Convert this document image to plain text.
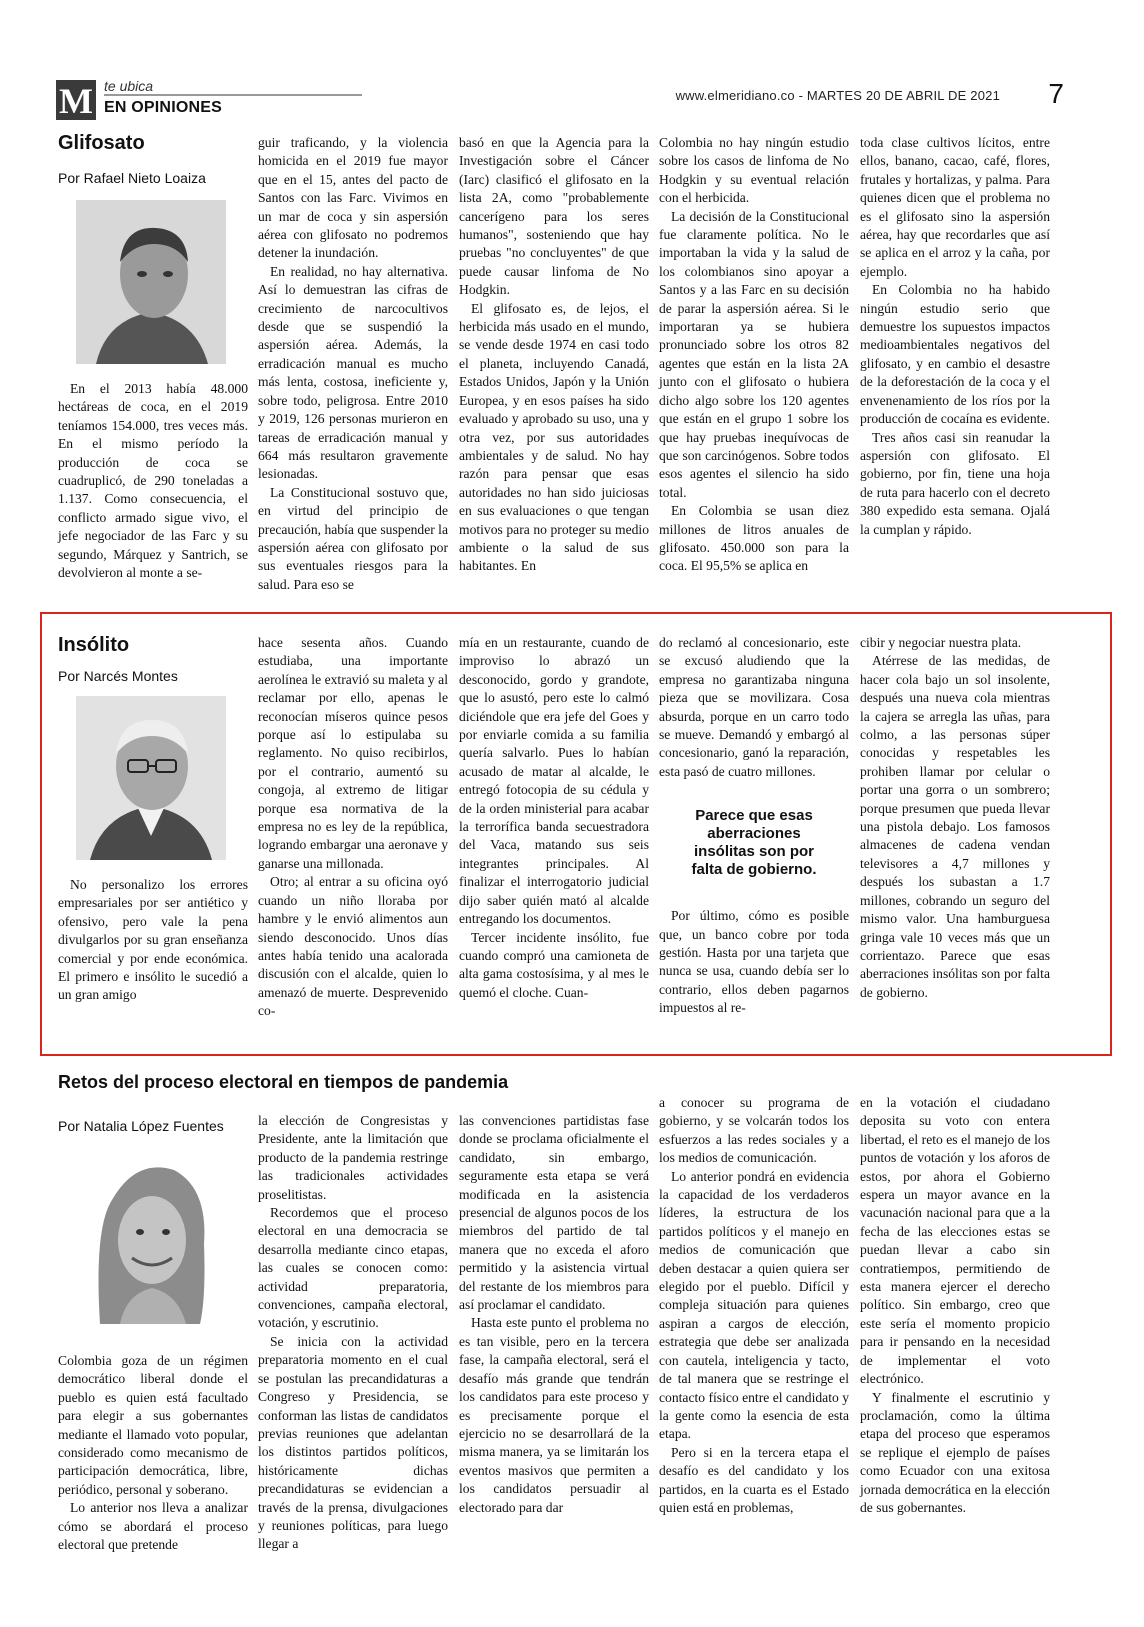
M te ubica
EN OPINIONES
www.elmeridiano.co - MARTES 20 DE ABRIL DE 2021 7
Glifosato
Por Rafael Nieto Loaiza

En el 2013 había 48.000 hectáreas de coca, en el 2019 teníamos 154.000, tres veces más. En el mismo período la producción de coca se cuadruplicó, de 290 toneladas a 1.137. Como consecuencia, el conflicto armado sigue vivo, el jefe negociador de las Farc y su segundo, Márquez y Santrich, se devolvieron al monte a se-

guir traficando, y la violencia homicida en el 2019 fue mayor que en el 15, antes del pacto de Santos con las Farc. Vivimos en un mar de coca y sin aspersión aérea con glifosato no podremos detener la inundación.

En realidad, no hay alternativa. Así lo demuestran las cifras de crecimiento de narcocultivos desde que se suspendió la aspersión aérea. Además, la erradicación manual es mucho más lenta, costosa, ineficiente y, sobre todo, peligrosa. Entre 2010 y 2019, 126 personas murieron en tareas de erradicación manual y 664 más resultaron gravemente lesionadas.

La Constitucional sostuvo que, en virtud del principio de precaución, había que suspender la aspersión aérea con glifosato por sus eventuales riesgos para la salud. Para eso se

basó en que la Agencia para la Investigación sobre el Cáncer (Iarc) clasificó el glifosato en la lista 2A, como "probablemente cancerígeno para los seres humanos", sosteniendo que hay pruebas "no concluyentes" de que puede causar linfoma de No Hodgkin.

El glifosato es, de lejos, el herbicida más usado en el mundo, se vende desde 1974 en casi todo el planeta, incluyendo Canadá, Estados Unidos, Japón y la Unión Europea, y en esos países ha sido evaluado y aprobado su uso, una y otra vez, por sus autoridades ambientales y de salud. No hay razón para pensar que esas autoridades no han sido juiciosas en sus evaluaciones o que tengan motivos para no proteger su medio ambiente o la salud de sus habitantes. En

Colombia no hay ningún estudio sobre los casos de linfoma de No Hodgkin y su eventual relación con el herbicida.

La decisión de la Constitucional fue claramente política. No le importaban la vida y la salud de los colombianos sino apoyar a Santos y a las Farc en su decisión de parar la aspersión aérea. Si le importaran ya se hubiera pronunciado sobre los otros 82 agentes que están en la lista 2A junto con el glifosato o hubiera dicho algo sobre los 120 agentes que están en el grupo 1 sobre los que hay pruebas inequívocas de que son carcinógenos. Sobre todos esos agentes el silencio ha sido total.

En Colombia se usan diez millones de litros anuales de glifosato. 450.000 son para la coca. El 95,5% se aplica en

toda clase cultivos lícitos, entre ellos, banano, cacao, café, flores, frutales y hortalizas, y palma. Para quienes dicen que el problema no es el glifosato sino la aspersión aérea, hay que recordarles que así se aplica en el arroz y la caña, por ejemplo.

En Colombia no ha habido ningún estudio serio que demuestre los supuestos impactos medioambientales negativos del glifosato, y en cambio el desastre de la deforestación de la coca y el envenenamiento de los ríos por la producción de cocaína es evidente.

Tres años casi sin reanudar la aspersión con glifosato. El gobierno, por fin, tiene una hoja de ruta para hacerlo con el decreto 380 expedido esta semana. Ojalá la cumplan y rápido.

Insólito
Por Narcés Montes

No personalizo los errores empresariales por ser antiético y ofensivo, pero vale la pena divulgarlos por su gran enseñanza comercial y por ende económica. El primero e insólito le sucedió a un gran amigo

hace sesenta años. Cuando estudiaba, una importante aerolínea le extravió su maleta y al reclamar por ello, apenas le reconocían míseros quince pesos porque así lo estipulaba su reglamento. No quiso recibirlos, por el contrario, aumentó su congoja, al extremo de litigar porque esa normativa de la empresa no es ley de la república, logrando embargar una aeronave y ganarse una millonada.

Otro; al entrar a su oficina oyó cuando un niño lloraba por hambre y le envió alimentos aun siendo desconocido. Unos días antes había tenido una acalorada discusión con el alcalde, quien lo amenazó de muerte. Desprevenido co-

mía en un restaurante, cuando de improviso lo abrazó un desconocido, gordo y grandote, que lo asustó, pero este lo calmó diciéndole que era jefe del Goes y por enviarle comida a su familia quería salvarlo. Pues lo habían acusado de matar al alcalde, le entregó fotocopia de su cédula y de la orden ministerial para acabar la terrorífica banda secuestradora del Vaca, matando sus seis integrantes principales. Al finalizar el interrogatorio judicial dijo saber quién mató al alcalde entregando los documentos.

Tercer incidente insólito, fue cuando compró una camioneta de alta gama costosísima, y al mes le quemó el cloche. Cuan-

do reclamó al concesionario, este se excusó aludiendo que la empresa no garantizaba ninguna pieza que se movilizara. Cosa absurda, porque en un carro todo se mueve. Demandó y embargó al concesionario, ganó la reparación, esta pasó de cuatro millones.

Parece que esas aberraciones insólitas son por falta de gobierno.

Por último, cómo es posible que, un banco cobre por toda gestión. Hasta por una tarjeta que nunca se usa, cuando debía ser lo contrario, ellos deben pagarnos impuestos al re-

cibir y negociar nuestra plata.

Atérrese de las medidas, de hacer cola bajo un sol insolente, después una nueva cola mientras la cajera se arregla las uñas, para colmo, a las personas súper conocidas y respetables les prohiben llamar por celular o portar una gorra o un sombrero; porque presumen que pueda llevar una pistola debajo. Los famosos almacenes de cadena vendan televisores a 4,7 millones y después los subastan a 1.7 millones, cobrando un seguro del mismo valor. Una hamburguesa gringa vale 10 veces más que un corrientazo. Parece que esas aberraciones insólitas son por falta de gobierno.

Retos del proceso electoral en tiempos de pandemia
Por Natalia López Fuentes

Colombia goza de un régimen democrático liberal donde el pueblo es quien está facultado para elegir a sus gobernantes mediante el llamado voto popular, considerado como mecanismo de participación democrática, libre, periódico, personal y soberano.

Lo anterior nos lleva a analizar cómo se abordará el proceso electoral que pretende

la elección de Congresistas y Presidente, ante la limitación que producto de la pandemia restringe las tradicionales actividades proselitistas.

Recordemos que el proceso electoral en una democracia se desarrolla mediante cinco etapas, las cuales se conocen como: actividad preparatoria, convenciones, campaña electoral, votación, y escrutinio.

Se inicia con la actividad preparatoria momento en el cual se postulan las precandidaturas a Congreso y Presidencia, se conforman las listas de candidatos previas reuniones que adelantan los distintos partidos políticos, históricamente dichas precandidaturas se evidencian a través de la prensa, divulgaciones y reuniones políticas, para luego llegar a

las convenciones partidistas fase donde se proclama oficialmente el candidato, sin embargo, seguramente esta etapa se verá modificada en la asistencia presencial de algunos pocos de los miembros del partido de tal manera que no exceda el aforo permitido y la asistencia virtual del restante de los miembros para así proclamar el candidato.

Hasta este punto el problema no es tan visible, pero en la tercera fase, la campaña electoral, será el desafío más grande que tendrán los candidatos para este proceso y es precisamente porque el ejercicio no se desarrollará de la misma manera, ya se limitarán los eventos masivos que permiten a los candidatos persuadir al electorado para dar

a conocer su programa de gobierno, y se volcarán todos los esfuerzos a las redes sociales y a los medios de comunicación.

Lo anterior pondrá en evidencia la capacidad de los verdaderos líderes, la estructura de los partidos políticos y el manejo en medios de comunicación que deben destacar a quien quiera ser elegido por el pueblo. Difícil y compleja situación para quienes aspiran a cargos de elección, estrategia que debe ser analizada con cautela, inteligencia y tacto, de tal manera que se restringe el contacto físico entre el candidato y la gente como la esencia de esta etapa.

Pero si en la tercera etapa el desafío es del candidato y los partidos, en la cuarta es el Estado quien está en problemas,

en la votación el ciudadano deposita su voto con entera libertad, el reto es el manejo de los puntos de votación y los aforos de estos, por ahora el Gobierno espera un mayor avance en la vacunación nacional para que a la fecha de las elecciones estas se puedan llevar a cabo sin contratiempos, permitiendo de esta manera ejercer el derecho político. Sin embargo, creo que este sería el momento propicio para ir pensando en la necesidad de implementar el voto electrónico.

Y finalmente el escrutinio y proclamación, como la última etapa del proceso que esperamos se replique el ejemplo de países como Ecuador con una exitosa jornada democrática en la elección de sus gobernantes.
